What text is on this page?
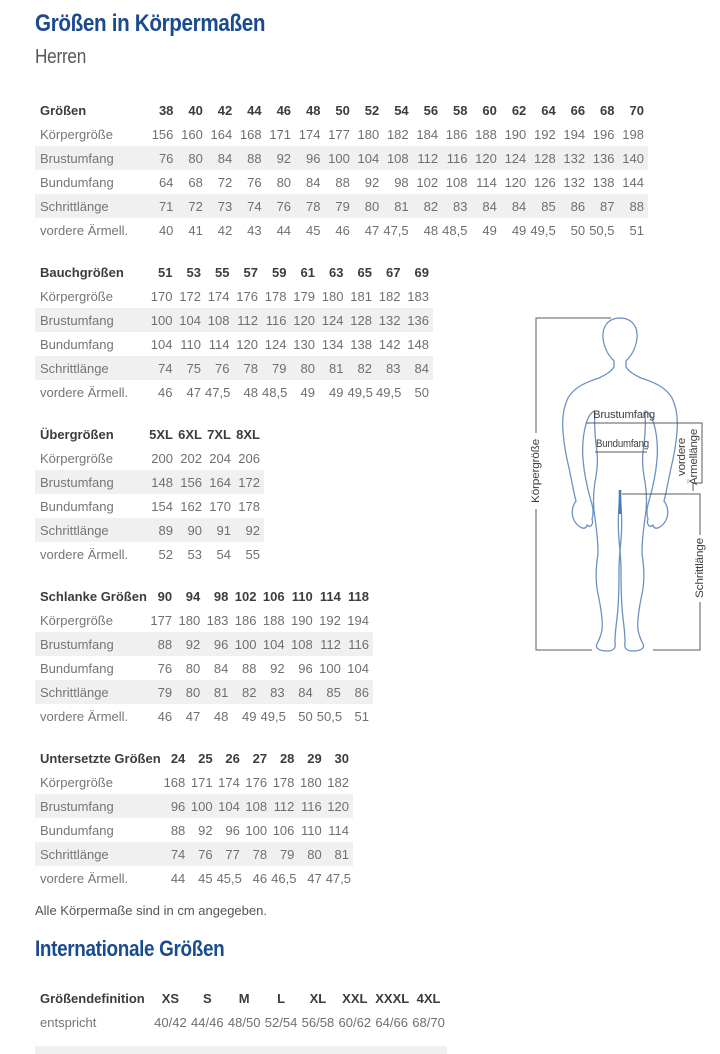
Größen in Körpermaßen
Herren
Größen	38	40	42	44	46	48	50	52	54	56	58	60	62	64	66	68	70
Körpergröße	156	160	164	168	171	174	177	180	182	184	186	188	190	192	194	196	198
Brustumfang	76	80	84	88	92	96	100	104	108	112	116	120	124	128	132	136	140
Bundumfang	64	68	72	76	80	84	88	92	98	102	108	114	120	126	132	138	144
Schrittlänge	71	72	73	74	76	78	79	80	81	82	83	84	84	85	86	87	88
vordere Ärmell.	40	41	42	43	44	45	46	47	47,5	48	48,5	49	49	49,5	50	50,5	51
Bauchgrößen	51	53	55	57	59	61	63	65	67	69
Körpergröße	170	172	174	176	178	179	180	181	182	183
Brustumfang	100	104	108	112	116	120	124	128	132	136
Bundumfang	104	110	114	120	124	130	134	138	142	148
Schrittlänge	74	75	76	78	79	80	81	82	83	84
vordere Ärmell.	46	47	47,5	48	48,5	49	49	49,5	49,5	50
Übergrößen	5XL	6XL	7XL	8XL
Körpergröße	200	202	204	206
Brustumfang	148	156	164	172
Bundumfang	154	162	170	178
Schrittlänge	89	90	91	92
vordere Ärmell.	52	53	54	55
Schlanke Größen	90	94	98	102	106	110	114	118
Körpergröße	177	180	183	186	188	190	192	194
Brustumfang	88	92	96	100	104	108	112	116
Bundumfang	76	80	84	88	92	96	100	104
Schrittlänge	79	80	81	82	83	84	85	86
vordere Ärmell.	46	47	48	49	49,5	50	50,5	51
Untersetzte Größen	24	25	26	27	28	29	30
Körpergröße	168	171	174	176	178	180	182
Brustumfang	96	100	104	108	112	116	120
Bundumfang	88	92	96	100	106	110	114
Schrittlänge	74	76	77	78	79	80	81
vordere Ärmell.	44	45	45,5	46	46,5	47	47,5
Größendefinition	XS	S	M	L	XL	XXL	XXXL	4XL
entspricht	40/42	44/46	48/50	52/54	56/58	60/62	64/66	68/70
Alle Körpermaße sind in cm angegeben.
Internationale Größen
Körpergröße
Brustumfang
vordere Ärmellänge
Bundumfang
Schrittlänge
